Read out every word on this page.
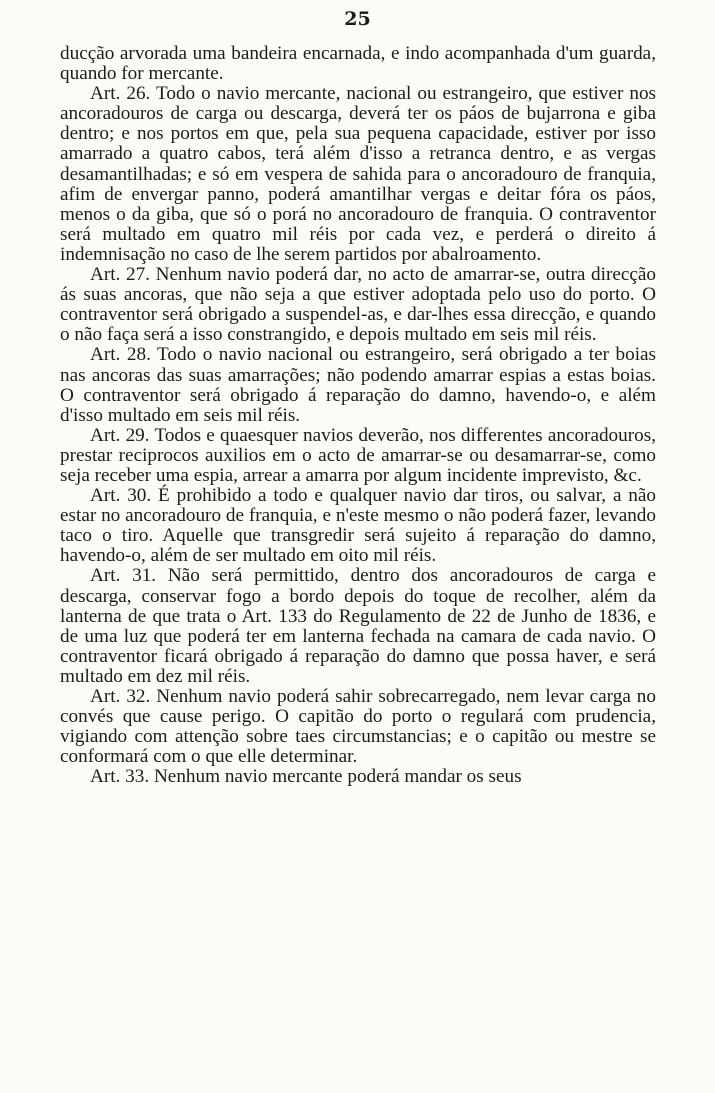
25

ducção arvorada uma bandeira encarnada, e indo acompanhada d'um guarda, quando for mercante.

Art. 26. Todo o navio mercante, nacional ou estrangeiro, que estiver nos ancoradouros de carga ou descarga, deverá ter os páos de bujarrona e giba dentro; e nos portos em que, pela sua pequena capacidade, estiver por isso amarrado a quatro cabos, terá além d'isso a retranca dentro, e as vergas desamantilhadas; e só em vespera de sahida para o ancoradouro de franquia, afim de envergar panno, poderá amantilhar vergas e deitar fóra os páos, menos o da giba, que só o porá no ancoradouro de franquia. O contraventor será multado em quatro mil réis por cada vez, e perderá o direito á indemnisação no caso de lhe serem partidos por abalroamento.

Art. 27. Nenhum navio poderá dar, no acto de amarrar-se, outra direcção ás suas ancoras, que não seja a que estiver adoptada pelo uso do porto. O contraventor será obrigado a suspendel-as, e dar-lhes essa direcção, e quando o não faça será a isso constrangido, e depois multado em seis mil réis.

Art. 28. Todo o navio nacional ou estrangeiro, será obrigado a ter boias nas ancoras das suas amarrações; não podendo amarrar espias a estas boias. O contraventor será obrigado á reparação do damno, havendo-o, e além d'isso multado em seis mil réis.

Art. 29. Todos e quaesquer navios deverão, nos differentes ancoradouros, prestar reciprocos auxilios em o acto de amarrar-se ou desamarrar-se, como seja receber uma espia, arrear a amarra por algum incidente imprevisto, &c.

Art. 30. É prohibido a todo e qualquer navio dar tiros, ou salvar, a não estar no ancoradouro de franquia, e n'este mesmo o não poderá fazer, levando taco o tiro. Aquelle que transgredir será sujeito á reparação do damno, havendo-o, além de ser multado em oito mil réis.

Art. 31. Não será permittido, dentro dos ancoradouros de carga e descarga, conservar fogo a bordo depois do toque de recolher, além da lanterna de que trata o Art. 133 do Regulamento de 22 de Junho de 1836, e de uma luz que poderá ter em lanterna fechada na camara de cada navio. O contraventor ficará obrigado á reparação do damno que possa haver, e será multado em dez mil réis.

Art. 32. Nenhum navio poderá sahir sobrecarregado, nem levar carga no convés que cause perigo. O capitão do porto o regulará com prudencia, vigiando com attenção sobre taes circumstancias; e o capitão ou mestre se conformará com o que elle determinar.

Art. 33. Nenhum navio mercante poderá mandar os seus
